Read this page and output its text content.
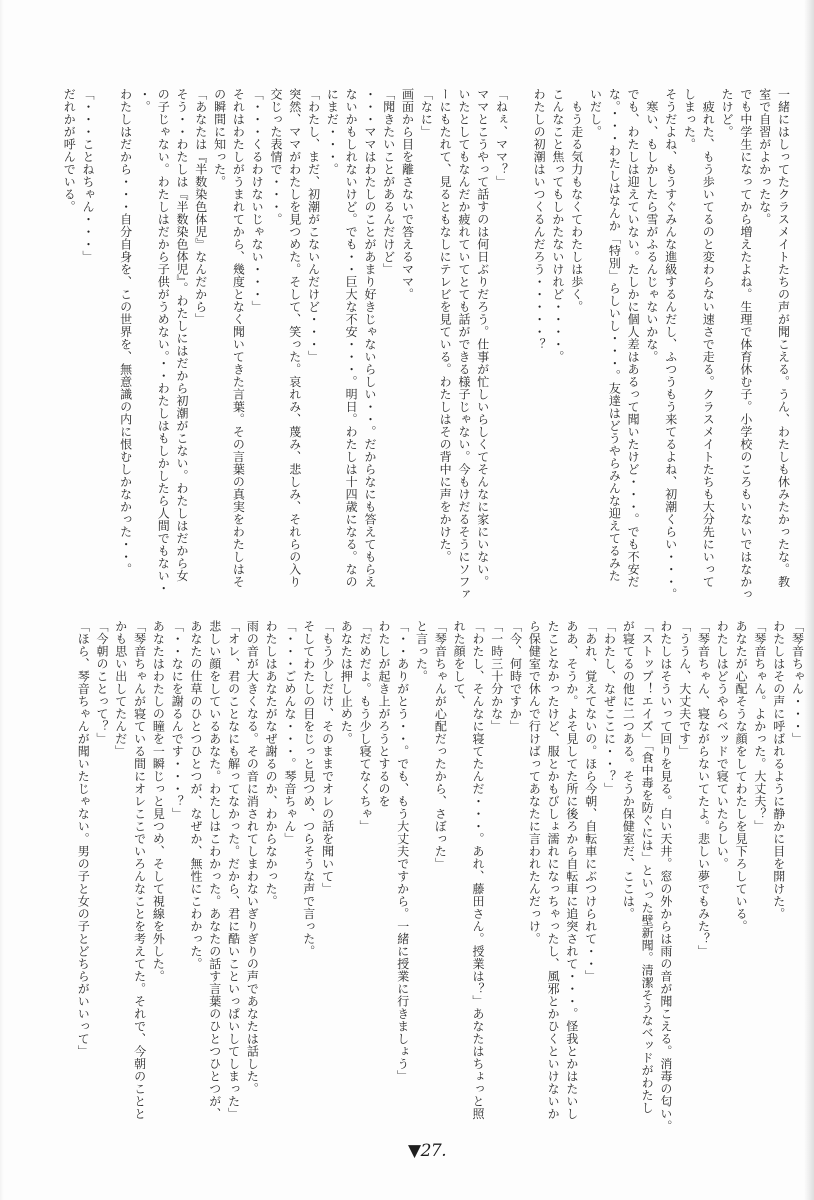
一緒にはしってたクラスメイトたちの声が聞こえる。うん、わたしも休みたかったな。教
室で自習がよかったな。
でも中学生になってから増えたよね。生理で体育休む子。小学校のころもいないではなかっ
たけど。
　疲れた、もう歩いてるのと変わらない速さで走る。クラスメイトたちも大分先にいって
しまった。
そうだよね、もうすぐみんな進級するんだし、ふつうもう来てるよね、初潮くらい・・・。
　寒い、もしかしたら雪がふるんじゃないかな。
でも、わたしは迎えていない。たしかに個人差はあるって聞いたけど・・・。でも不安だ
な。・・・わたしはなんか「特別」らしいし・・・。友達はどうやらみんな迎えてるみた
いだし。
　もう走る気力もなくてわたしは歩く。
こんなこと焦ってもしかたないけれど・・・・。
わたしの初潮はいつくるんだろう・・・・・？
「ねぇ、ママ？」
ママとこうやって話すのは何日ぶりだろう。仕事が忙しいらしくてそんなに家にいない。
いたとしてもなんだか疲れていてとても話ができる様子じゃない。今もけだるそうにソファ
ーにもたれて、見るともなしにテレビを見ている。わたしはその背中に声をかけた。
「なに」
画面から目を離さないで答えるママ。
「聞きたいことがあるんだけど」
・・・ママはわたしのことがあまり好きじゃないらしい・・。だからなにも答えてもらえ
ないかもしれないけど。でも・・巨大な不安・・・。明日。わたしは十四歳になる。なの
にまだ・・・。
「わたし、まだ、初潮がこないんだけど・・・」
突然、ママがわたしを見つめた。そして、笑った。哀れみ、蔑み、悲しみ、それらの入り
交じった表情で・・・。
「・・・くるわけないじゃない・・・」
それはわたしがうまれてから、幾度となく聞いてきた言葉。その言葉の真実をわたしはそ
の瞬間に知った。
「あなたは『半数染色体児』なんだから」
そう・・わたしは『半数染色体児』。わたしにはだから初潮がこない。わたしはだから女
の子じゃない。わたしはだから子供がうめない。・・わたしはもしかしたら人間でもない・
・。
わたしはだから・・・自分自身を、この世界を、無意識の内に恨むしかなかった・・。
「・・・ことねちゃん・・・」
だれかが呼んでいる。
「琴音ちゃん・・・」
わたしはその声に呼ばれるように静かに目を開けた。
「琴音ちゃん。よかった。大丈夫？」
あなたが心配そうな顔をしてわたしを見下ろしている。
わたしはどうやらベッドで寝ていたらしい。
「琴音ちゃん、寝ながらないてたよ。悲しい夢でもみた？」
「ううん、大丈夫です」
わたしはそういって回りを見る。白い天井。窓の外からは雨の音が聞こえる。消毒の匂い。
「ストップ！エイズ」「食中毒を防ぐには」といった壁新聞。清潔そうなベッドがわたし
が寝てるの他に二つある。そうか保健室だ、ここは。
「わたし、なぜここに・・？」
「あれ、覚えてないの。ほら今朝、自転車にぶつけられて・・」
ああ、そうか。よそ見してた所に後ろから自転車に追突されて・・・。怪我とかはたいし
たことなかったけど、服とかもびしょ濡れになっちゃったし、風邪とかひくといけないか
ら保健室で休んで行けばってあなたに言われたんだっけ。
「今、何時ですか」
「一時三十分かな」
「わたし、そんなに寝てたんだ・・・。あれ、藤田さん。授業は？」あなたはちょっと照
れた顔をして、
「琴音ちゃんが心配だったから、さぼった」
と言った。
「・・ありがとう・・。でも、もう大丈夫ですから。一緒に授業に行きましょう」
わたしが起き上がろうとするのを
「だめだよ。もう少し寝てなくちゃ」
あなたは押し止めた。
「もう少しだけ、そのままでオレの話を聞いて」
そしてわたしの目をじっと見つめ、つらそうな声で言った。
「・・・ごめんな・・・。琴音ちゃん」
わたしはあなたがなぜ謝るのか、わからなかった。
雨の音が大きくなる。その音に消されてしまわないぎりぎりの声であなたは話した。
「オレ、君のことなにも解ってなかった。だから、君に酷いこといっぱいしてしまった」
悲しい顔をしているあなた。わたしはこわかった。あなたの話す言葉のひとつひとつが、
あなたの仕草のひとつひとつが、なぜか、無性にこわかった。
「・・なにを謝るんです・・・？」
あなたはわたしの瞳を一瞬じっと見つめ、そして視線を外した。
「琴音ちゃんが寝ている間にオレここでいろんなことを考えてた。それで、今朝のことと
かも思い出してたんだ」
「今朝のことって？」
「ほら、琴音ちゃんが聞いたじゃない。男の子と女の子とどちらがいいって」
▼27.
